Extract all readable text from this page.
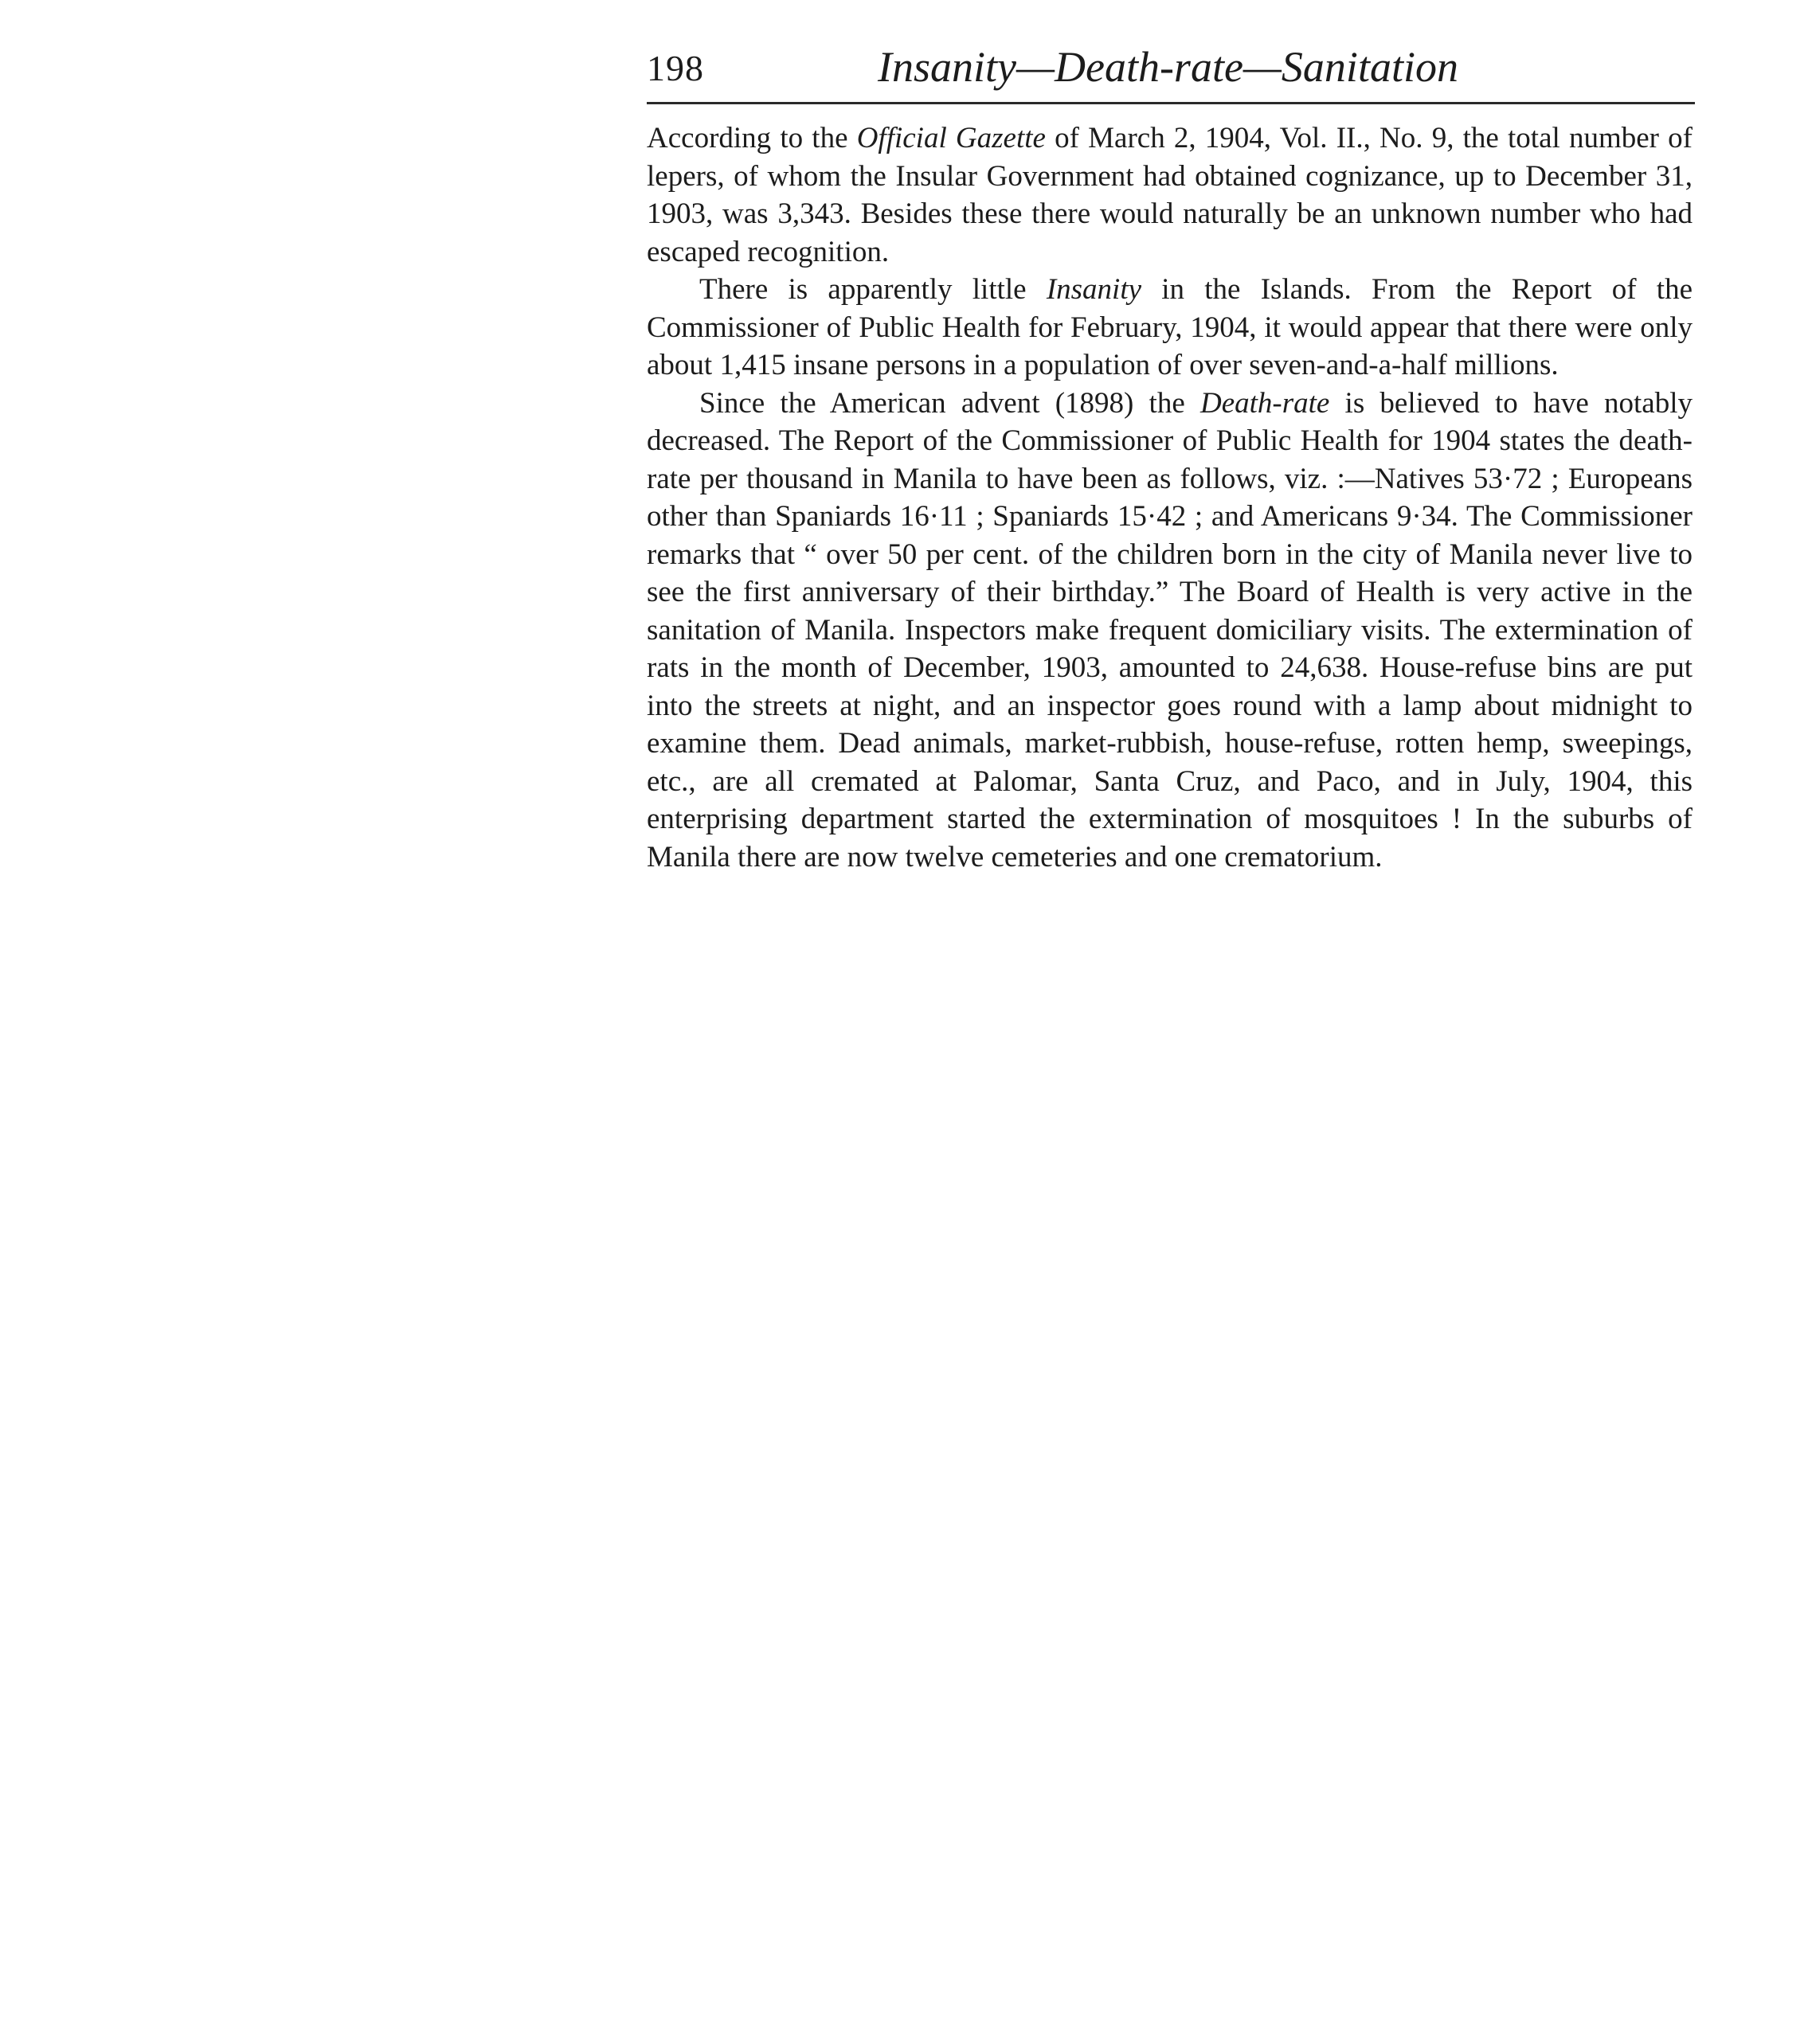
198	Insanity—Death-rate—Sanitation

According to the Official Gazette of March 2, 1904, Vol. II., No. 9, the total number of lepers, of whom the Insular Government had obtained cognizance, up to December 31, 1903, was 3,343. Besides these there would naturally be an unknown number who had escaped recognition.

There is apparently little Insanity in the Islands. From the Report of the Commissioner of Public Health for February, 1904, it would appear that there were only about 1,415 insane persons in a population of over seven-and-a-half millions.

Since the American advent (1898) the Death-rate is believed to have notably decreased. The Report of the Commissioner of Public Health for 1904 states the death-rate per thousand in Manila to have been as follows, viz. :—Natives 53·72 ; Europeans other than Spaniards 16·11 ; Spaniards 15·42 ; and Americans 9·34. The Commissioner remarks that “ over 50 per cent. of the children born in the city of Manila never live to see the first anniversary of their birthday.” The Board of Health is very active in the sanitation of Manila. Inspectors make frequent domiciliary visits. The extermination of rats in the month of December, 1903, amounted to 24,638. House-refuse bins are put into the streets at night, and an inspector goes round with a lamp about midnight to examine them. Dead animals, market-rubbish, house-refuse, rotten hemp, sweepings, etc., are all cremated at Palomar, Santa Cruz, and Paco, and in July, 1904, this enterprising department started the extermination of mosquitoes ! In the suburbs of Manila there are now twelve cemeteries and one crematorium.
